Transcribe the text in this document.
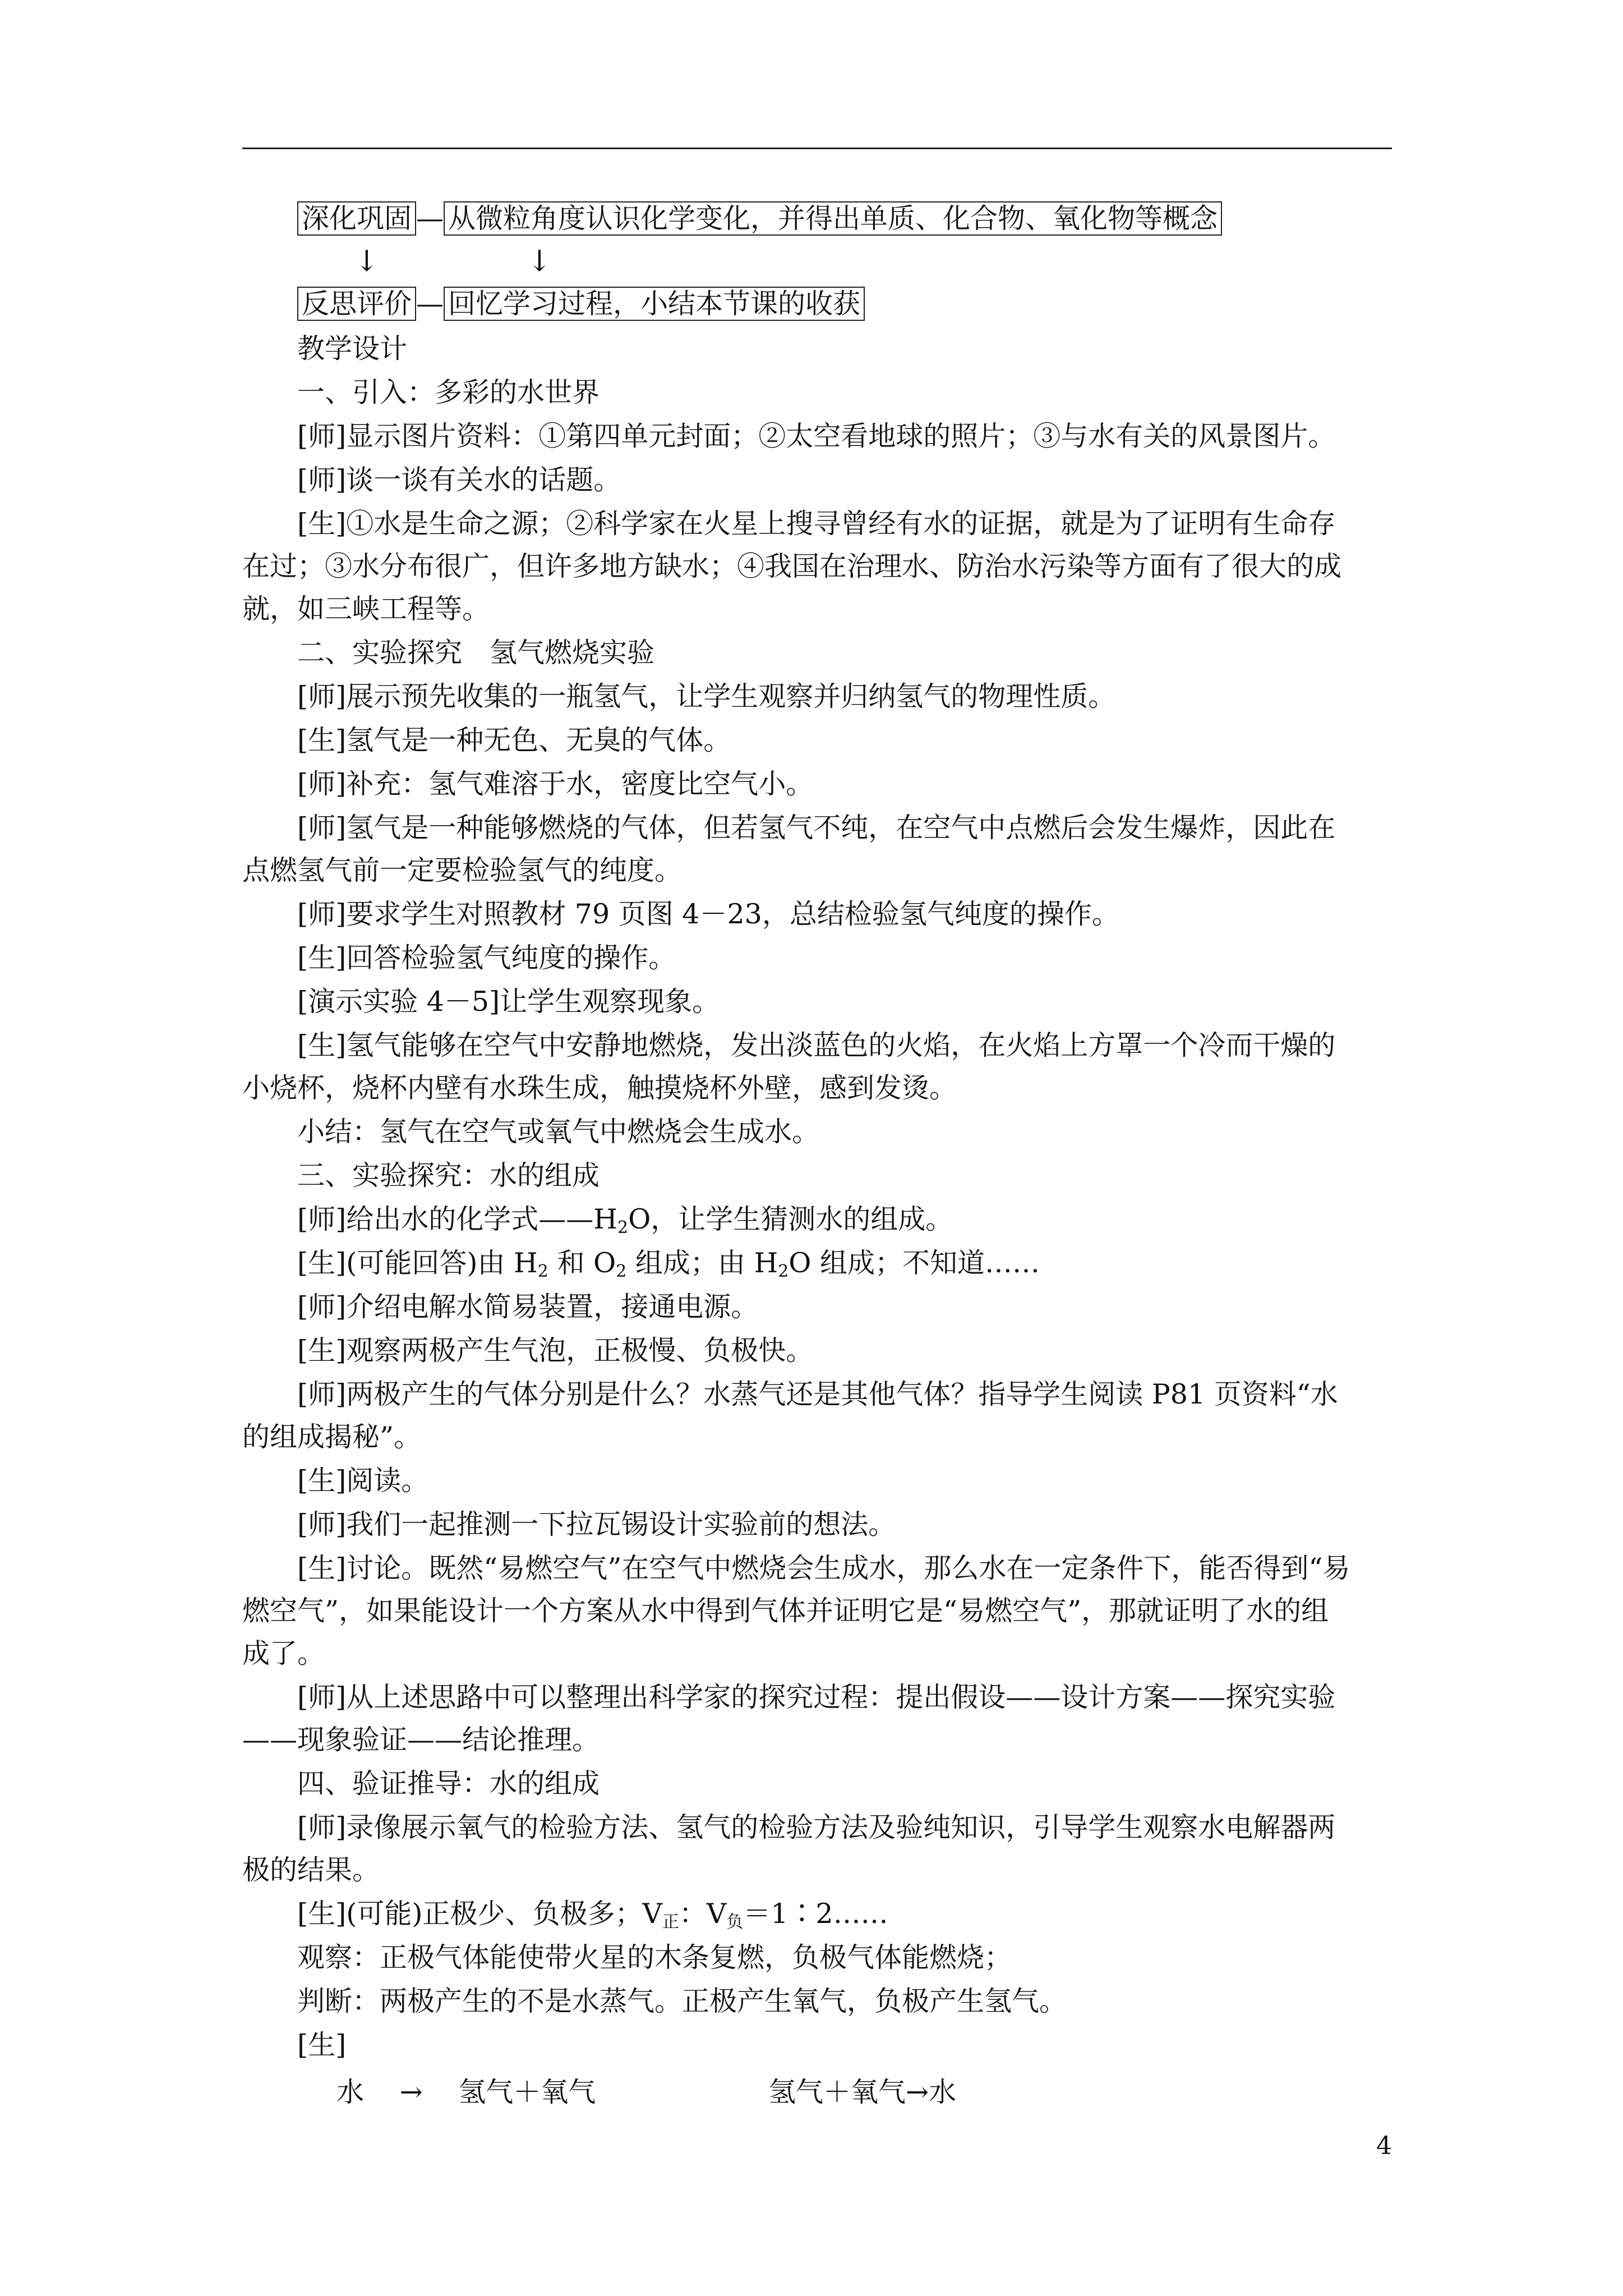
深化巩固 — 从微粒角度认识化学变化，并得出单质、化合物、氧化物等概念
↓	↓
反思评价 — 回忆学习过程，小结本节课的收获
教学设计
一、引入：多彩的水世界
[师]显示图片资料：①第四单元封面；②太空看地球的照片；③与水有关的风景图片。
[师]谈一谈有关水的话题。
[生]①水是生命之源；②科学家在火星上搜寻曾经有水的证据，就是为了证明有生命存
在过；③水分布很广，但许多地方缺水；④我国在治理水、防治水污染等方面有了很大的成
就，如三峡工程等。
二、实验探究　氢气燃烧实验
[师]展示预先收集的一瓶氢气，让学生观察并归纳氢气的物理性质。
[生]氢气是一种无色、无臭的气体。
[师]补充：氢气难溶于水，密度比空气小。
[师]氢气是一种能够燃烧的气体，但若氢气不纯，在空气中点燃后会发生爆炸，因此在
点燃氢气前一定要检验氢气的纯度。
[师]要求学生对照教材 79 页图 4－23，总结检验氢气纯度的操作。
[生]回答检验氢气纯度的操作。
[演示实验 4－5]让学生观察现象。
[生]氢气能够在空气中安静地燃烧，发出淡蓝色的火焰，在火焰上方罩一个冷而干燥的
小烧杯，烧杯内壁有水珠生成，触摸烧杯外壁，感到发烫。
小结：氢气在空气或氧气中燃烧会生成水。
三、实验探究：水的组成
[师]给出水的化学式$——H_2O$，让学生猜测水的组成。
[生](可能回答)由 $H_2$ 和 $O_2$ 组成；由 $H_2O$ 组成；不知道……
[师]介绍电解水简易装置，接通电源。
[生]观察两极产生气泡，正极慢、负极快。
[师]两极产生的气体分别是什么？水蒸气还是其他气体？指导学生阅读 P81 页资料“水
的组成揭秘”。
[生]阅读。
[师]我们一起推测一下拉瓦锡设计实验前的想法。
[生]讨论。既然“易燃空气”在空气中燃烧会生成水，那么水在一定条件下，能否得到“易
燃空气”，如果能设计一个方案从水中得到气体并证明它是“易燃空气”，那就证明了水的组
成了。
[师]从上述思路中可以整理出科学家的探究过程：提出假设——设计方案——探究实验
——现象验证——结论推理。
四、验证推导：水的组成
[师]录像展示氧气的检验方法、氢气的检验方法及验纯知识，引导学生观察水电解器两
极的结果。
[生](可能)正极少、负极多；$V_正$：$V_负=1∶2\dots\dots$
观察：正极气体能使带火星的木条复燃，负极气体能燃烧；
判断：两极产生的不是水蒸气。正极产生氧气，负极产生氢气。
[生]
水 → 氢气＋氧气	氢气＋氧气→水
4
